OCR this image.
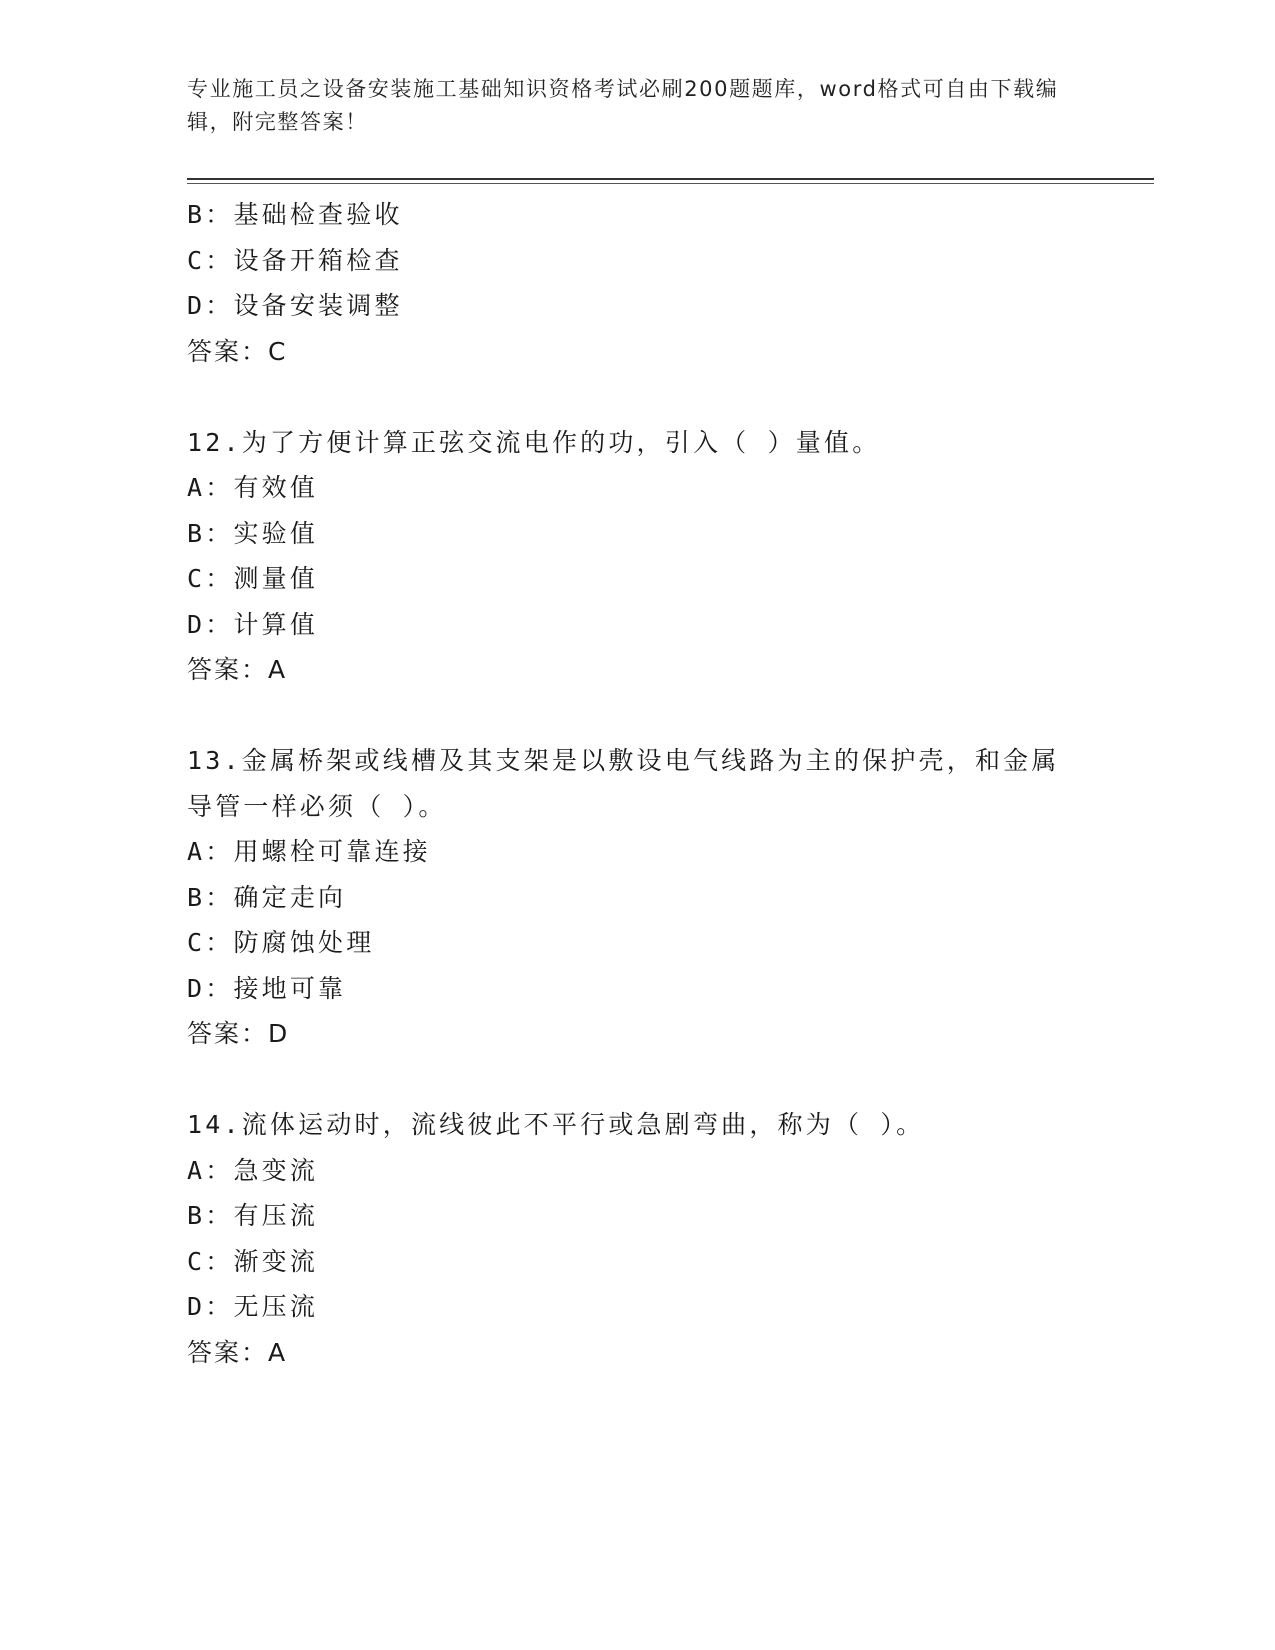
专业施工员之设备安装施工基础知识资格考试必刷200题题库，word格式可自由下载编辑，附完整答案！
B：基础检查验收
C：设备开箱检查
D：设备安装调整
答案：C
12.为了方便计算正弦交流电作的功，引入（ ）量值。
A：有效值
B：实验值
C：测量值
D：计算值
答案：A
13.金属桥架或线槽及其支架是以敷设电气线路为主的保护壳，和金属
导管一样必须（ ）。
A：用螺栓可靠连接
B：确定走向
C：防腐蚀处理
D：接地可靠
答案：D
14.流体运动时，流线彼此不平行或急剧弯曲，称为（ ）。
A：急变流
B：有压流
C：渐变流
D：无压流
答案：A
